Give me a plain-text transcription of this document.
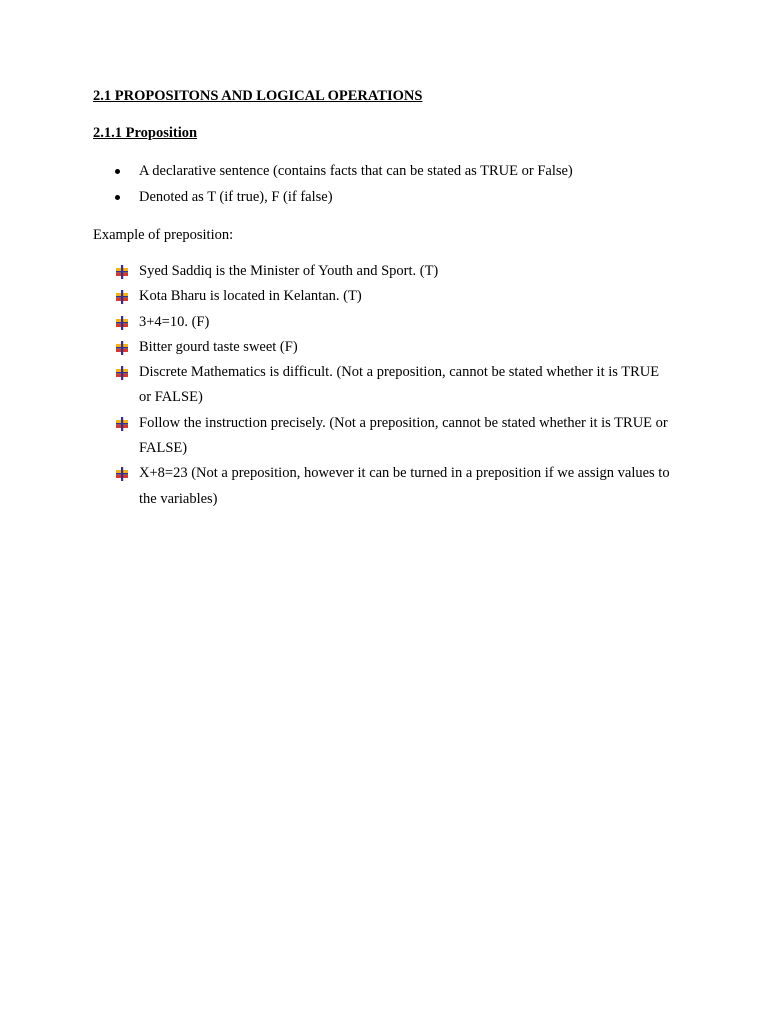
2.1 PROPOSITONS AND LOGICAL OPERATIONS

2.1.1 Proposition

A declarative sentence (contains facts that can be stated as TRUE or False)
Denoted as T (if true), F (if false)

Example of preposition:

Syed Saddiq is the Minister of Youth and Sport. (T)
Kota Bharu is located in Kelantan. (T)
3+4=10. (F)
Bitter gourd taste sweet (F)
Discrete Mathematics is difficult. (Not a preposition, cannot be stated whether it is TRUE or FALSE)
Follow the instruction precisely. (Not a preposition, cannot be stated whether it is TRUE or FALSE)
X+8=23 (Not a preposition, however it can be turned in a preposition if we assign values to the variables)
